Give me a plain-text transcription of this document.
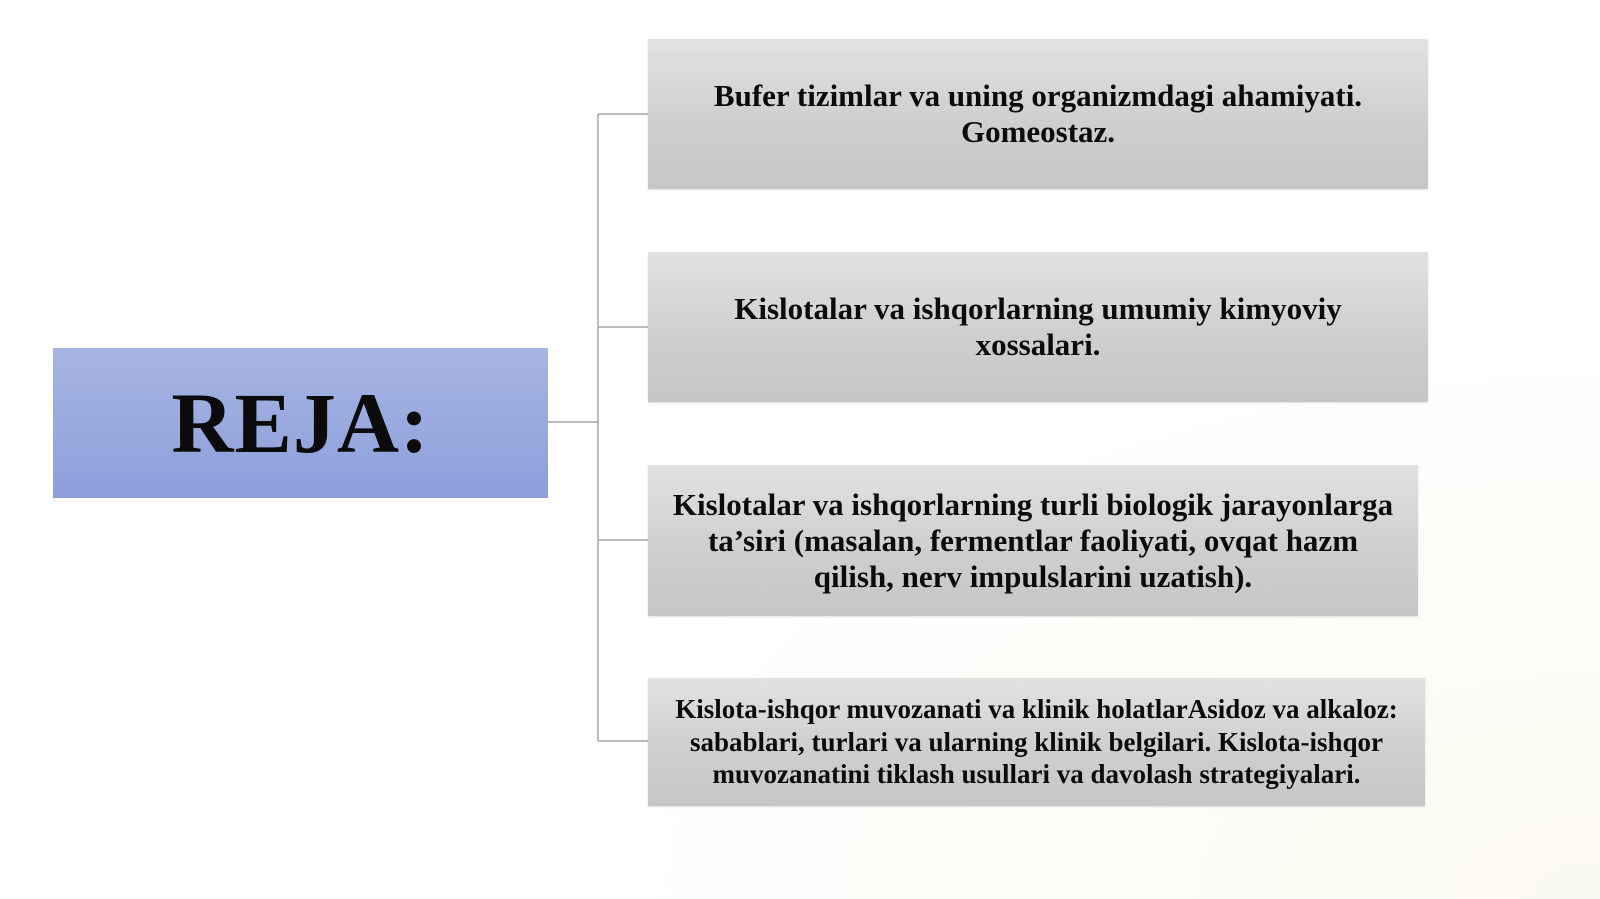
REJA:
Bufer tizimlar va uning organizmdagi ahamiyati. Gomeostaz.
Kislotalar va ishqorlarning umumiy kimyoviy xossalari.
Kislotalar va ishqorlarning turli biologik jarayonlarga ta’siri (masalan, fermentlar faoliyati, ovqat hazm qilish, nerv impulslarini uzatish).
Kislota-ishqor muvozanati va klinik holatlarAsidoz va alkaloz: sabablari, turlari va ularning klinik belgilari. Kislota-ishqor muvozanatini tiklash usullari va davolash strategiyalari.
